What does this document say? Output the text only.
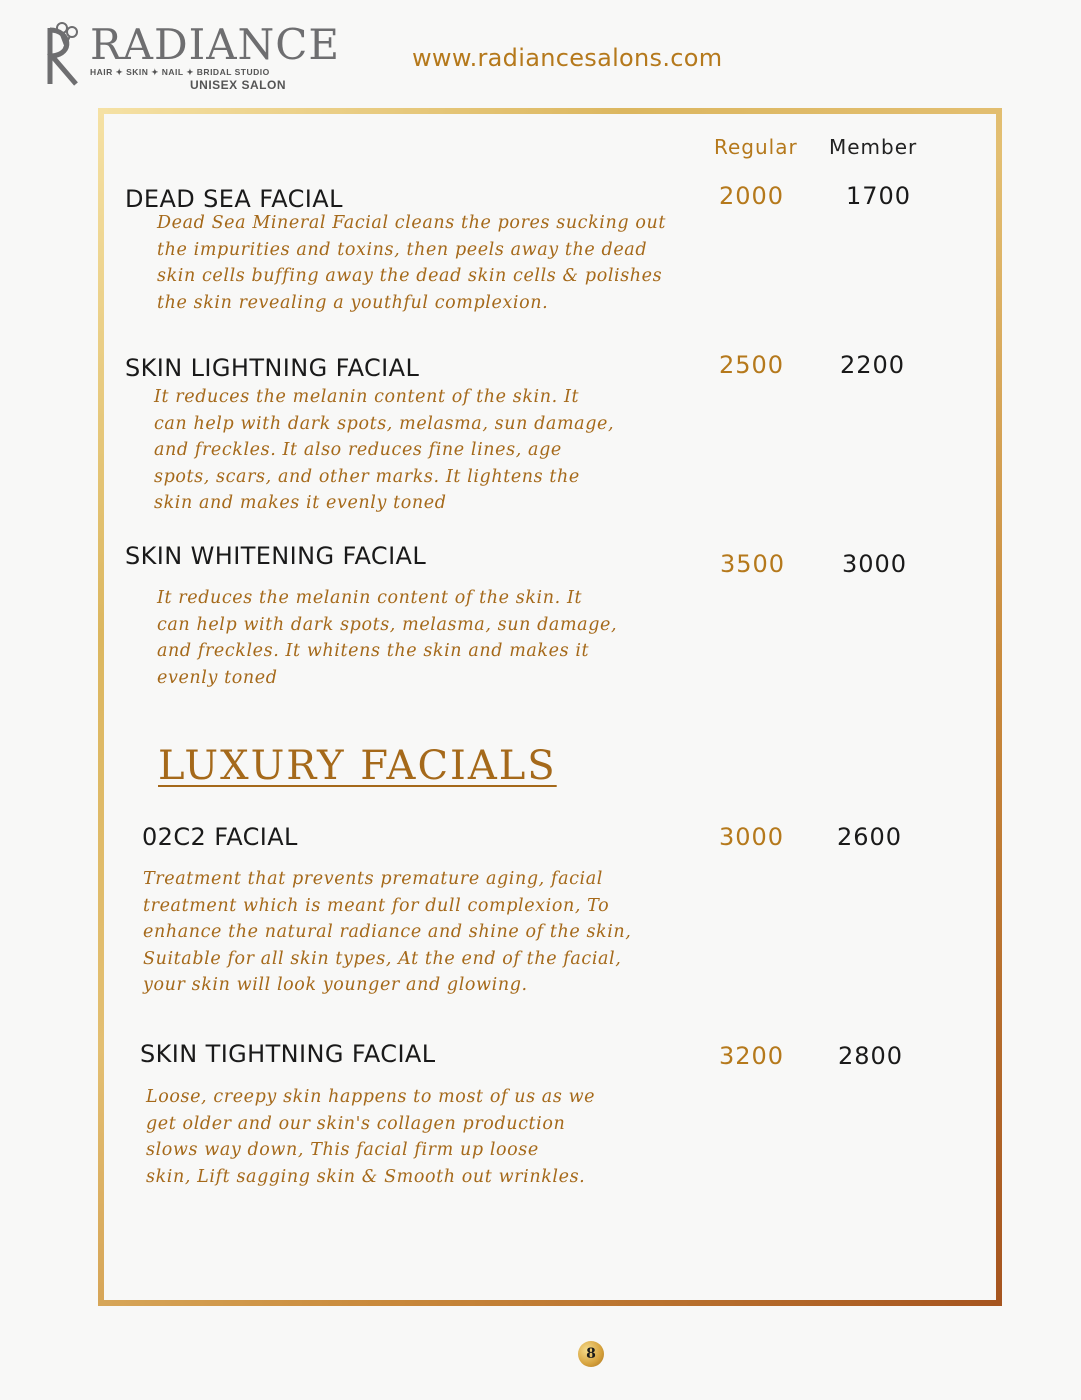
RADIANCE
HAIR ✦ SKIN ✦ NAIL ✦ BRIDAL STUDIO
UNISEX SALON
www.radiancesalons.com
Regular Member
DEAD SEA FACIAL	2000	1700
Dead Sea Mineral Facial cleans the pores sucking out
the impurities and toxins, then peels away the dead
skin cells buffing away the dead skin cells & polishes
the skin revealing a youthful complexion.
SKIN LIGHTNING FACIAL	2500 2200
It reduces the melanin content of the skin. It
can help with dark spots, melasma, sun damage,
and freckles. It also reduces fine lines, age
spots, scars, and other marks. It lightens the
skin and makes it evenly toned
SKIN WHITENING FACIAL	3500 3000
It reduces the melanin content of the skin. It
can help with dark spots, melasma, sun damage,
and freckles. It whitens the skin and makes it
evenly toned
LUXURY FACIALS
02C2 FACIAL	3000 2600
Treatment that prevents premature aging, facial
treatment which is meant for dull complexion, To
enhance the natural radiance and shine of the skin,
Suitable for all skin types, At the end of the facial,
your skin will look younger and glowing.
SKIN TIGHTNING FACIAL	3200 2800
Loose, creepy skin happens to most of us as we
get older and our skin's collagen production
slows way down, This facial firm up loose
skin, Lift sagging skin & Smooth out wrinkles.
8
